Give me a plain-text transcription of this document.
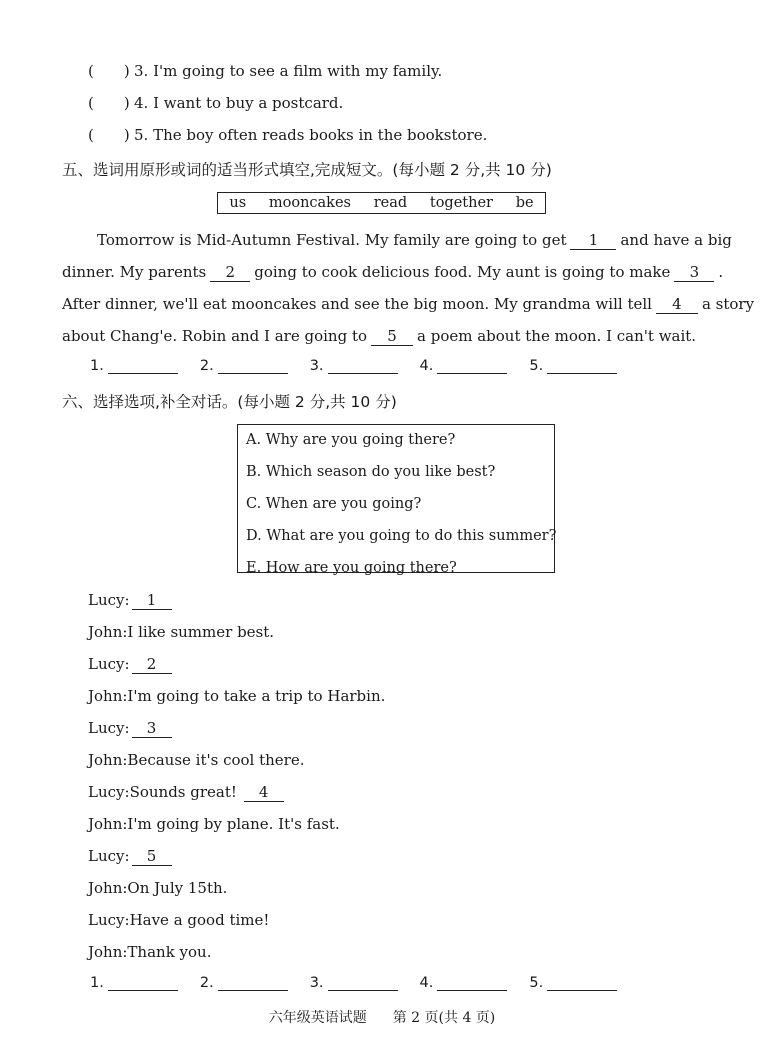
( ) 3. I'm going to see a film with my family.
( ) 4. I want to buy a postcard.
( ) 5. The boy often reads books in the bookstore.
五、选词用原形或词的适当形式填空,完成短文。(每小题 2 分,共 10 分)
us mooncakes read together be
Tomorrow is Mid-Autumn Festival. My family are going to get 1 and have a big
dinner. My parents 2 going to cook delicious food. My aunt is going to make 3 .
After dinner, we'll eat mooncakes and see the big moon. My grandma will tell 4 a story
about Chang'e. Robin and I are going to 5 a poem about the moon. I can't wait.
1.	2.	3.	4.	5.
六、选择选项,补全对话。(每小题 2 分,共 10 分)
A. Why are you going there?
B. Which season do you like best?
C. When are you going?
D. What are you going to do this summer?
E. How are you going there?
Lucy: 1
John:I like summer best.
Lucy: 2
John:I'm going to take a trip to Harbin.
Lucy: 3
John:Because it's cool there.
Lucy:Sounds great! 4
John:I'm going by plane. It's fast.
Lucy: 5
John:On July 15th.
Lucy:Have a good time!
John:Thank you.
1.	2.	3.	4.	5.
六年级英语试题 第 2 页(共 4 页)
